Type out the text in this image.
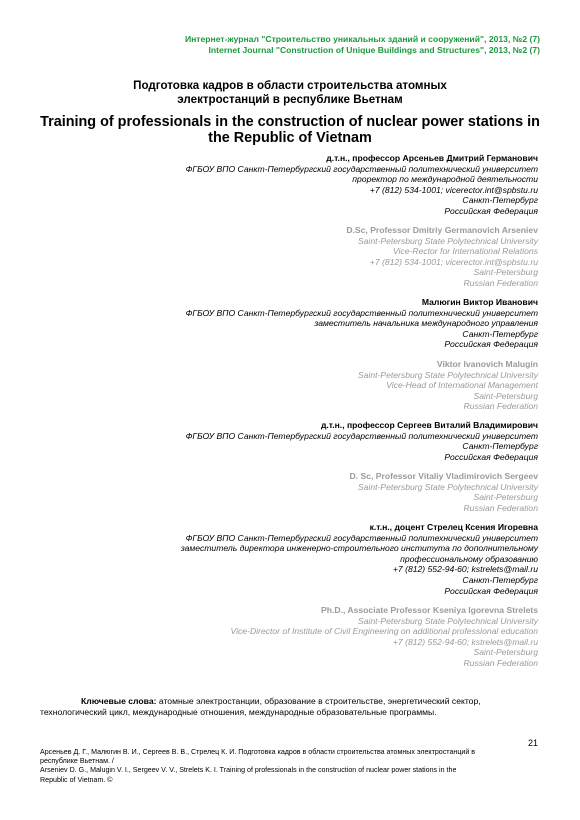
Интернет-журнал "Строительство уникальных зданий и сооружений", 2013, №2 (7)
Internet Journal "Construction of Unique Buildings and Structures", 2013, №2 (7)
Подготовка кадров в области строительства атомных
электростанций в республике Вьетнам
Training of professionals in the construction of nuclear power stations in
the Republic of Vietnam
д.т.н., профессор Арсеньев Дмитрий Германович
ФГБОУ ВПО Санкт-Петербургский государственный политехнический университет
проректор по международной деятельности
+7 (812) 534-1001; vicerector.int@spbstu.ru
Санкт-Петербург
Российская Федерация
D.Sc, Professor Dmitriy Germanovich Arseniev
Saint-Petersburg State Polytechnical University
Vice-Rector for International Relations
+7 (812) 534-1001; vicerector.int@spbstu.ru
Saint-Petersburg
Russian Federation
Малюгин Виктор Иванович
ФГБОУ ВПО Санкт-Петербургский государственный политехнический университет
заместитель начальника международного управления
Санкт-Петербург
Российская Федерация
Viktor Ivanovich Malugin
Saint-Petersburg State Polytechnical University
Vice-Head of International Management
Saint-Petersburg
Russian Federation
д.т.н., профессор Сергеев Виталий Владимирович
ФГБОУ ВПО Санкт-Петербургский государственный политехнический университет
Санкт-Петербург
Российская Федерация
D. Sc, Professor Vitaliy Vladimirovich Sergeev
Saint-Petersburg State Polytechnical University
Saint-Petersburg
Russian Federation
к.т.н., доцент Стрелец Ксения Игоревна
ФГБОУ ВПО Санкт-Петербургский государственный политехнический университет
заместитель директора инженерно-строительного института по дополнительному
профессиональному образованию
+7 (812) 552-94-60; kstrelets@mail.ru
Санкт-Петербург
Российская Федерация
Ph.D., Associate Professor Kseniya Igorevna Strelets
Saint-Petersburg State Polytechnical University
Vice-Director of Institute of Civil Engineering on additional professional education
+7 (812) 552-94-60; kstrelets@mail.ru
Saint-Petersburg
Russian Federation
Ключевые слова: атомные электростанции, образование в строительстве, энергетический сектор,
технологический цикл, международные отношения, международные образовательные программы.
21
Арсеньев Д. Г., Малюгин В. И., Сергеев В. В., Стрелец К. И. Подготовка кадров в области строительства атомных электростанций в
республике Вьетнам. /
Arseniev D. G., Malugin V. I., Sergeev V. V., Strelets K. I. Training of professionals in the construction of nuclear power stations in the
Republic of Vietnam. ©
